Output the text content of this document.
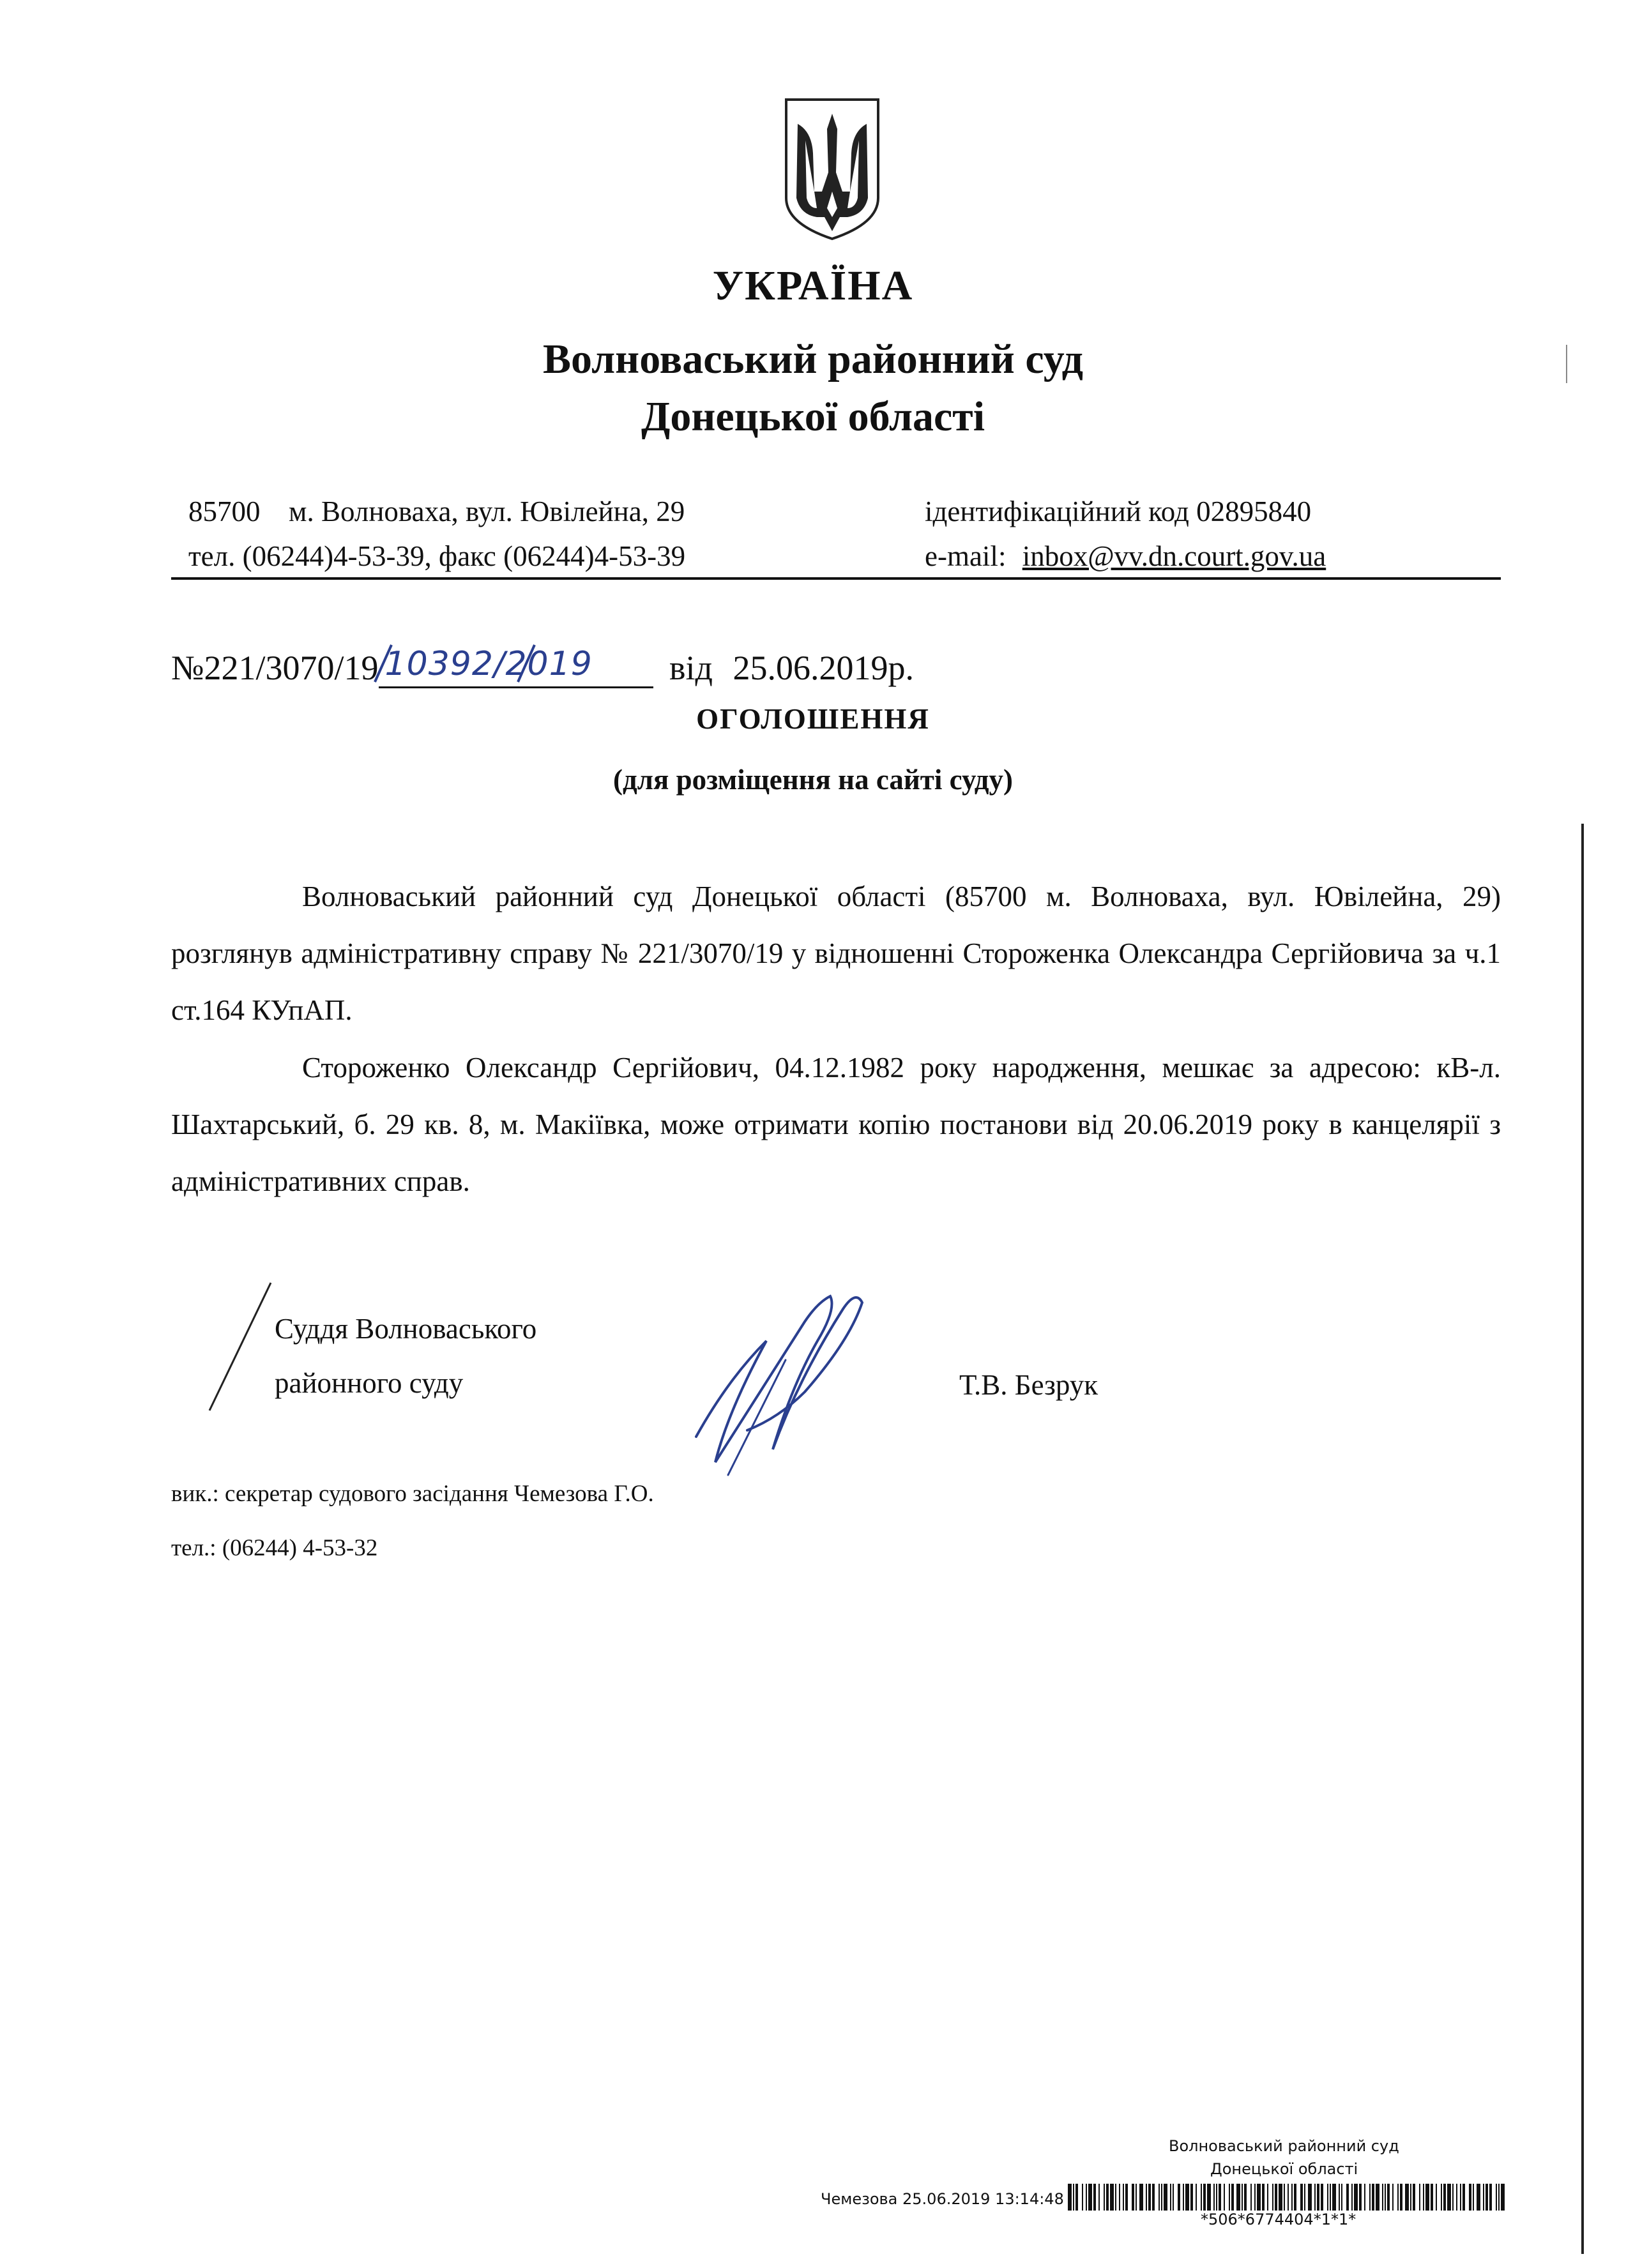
УКРАЇНА
Волноваський районний суд
Донецької області
85700 м. Волноваха, вул. Ювілейна, 29
тел. (06244)4-53-39, факс (06244)4-53-39
ідентифікаційний код 02895840
e-mail: inbox@vv.dn.court.gov.ua
№221/3070/19 10392/2019 від 25.06.2019р.
ОГОЛОШЕННЯ
(для розміщення на сайті суду)

Волноваський районний суд Донецької області (85700 м. Волноваха, вул. Ювілейна, 29) розглянув адміністративну справу № 221/3070/19 у відношенні Стороженка Олександра Сергійовича за ч.1 ст.164 КУпАП.

Стороженко Олександр Сергійович, 04.12.1982 року народження, мешкає за адресою: кВ-л. Шахтарський, б. 29 кв. 8, м. Макіївка, може отримати копію постанови від 20.06.2019 року в канцелярії з адміністративних справ.

Суддя Волноваського
районного суду	Т.В. Безрук
вик.: секретар судового засідання Чемезова Г.О.
тел.: (06244) 4-53-32
Волноваський районний суд
Донецької області
Чемезова 25.06.2019 13:14:48
*506*6774404*1*1*
